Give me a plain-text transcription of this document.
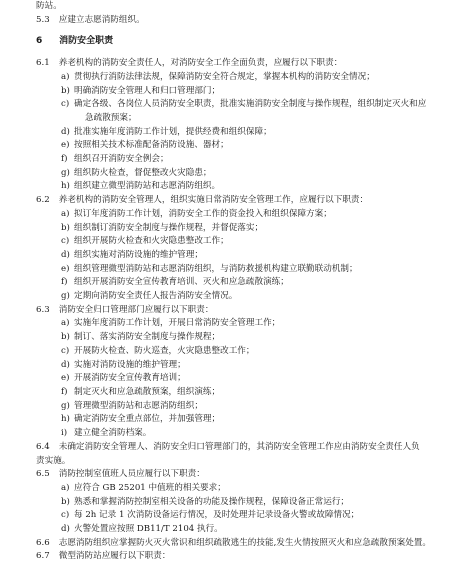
防站。
5.3 应建立志愿消防组织。
6 消防安全职责
6.1 养老机构的消防安全责任人，对消防安全工作全面负责，应履行以下职责：
a) 贯彻执行消防法律法规，保障消防安全符合规定，掌握本机构的消防安全情况；
b) 明确消防安全管理人和归口管理部门；
c) 确定各级、各岗位人员消防安全职责，批准实施消防安全制度与操作规程，组织制定灭火和应
急疏散预案；
d) 批准实施年度消防工作计划，提供经费和组织保障；
e) 按照相关技术标准配备消防设施、器材；
f) 组织召开消防安全例会；
g) 组织防火检查，督促整改火灾隐患；
h) 组织建立微型消防站和志愿消防组织。
6.2 养老机构的消防安全管理人，组织实施日常消防安全管理工作，应履行以下职责：
a) 拟订年度消防工作计划，消防安全工作的资金投入和组织保障方案；
b) 组织制订消防安全制度与操作规程，并督促落实；
c) 组织开展防火检查和火灾隐患整改工作；
d) 组织实施对消防设施的维护管理；
e) 组织管理微型消防站和志愿消防组织，与消防救援机构建立联勤联动机制；
f) 组织开展消防安全宣传教育培训、灭火和应急疏散演练；
g) 定期向消防安全责任人报告消防安全情况。
6.3 消防安全归口管理部门应履行以下职责：
a) 实施年度消防工作计划，开展日常消防安全管理工作；
b) 制订、落实消防安全制度与操作规程；
c) 开展防火检查、防火巡查，火灾隐患整改工作；
d) 实施对消防设施的维护管理；
e) 开展消防安全宣传教育培训；
f) 制定灭火和应急疏散预案，组织演练；
g) 管理微型消防站和志愿消防组织；
h) 确定消防安全重点部位，并加强管理；
i) 建立健全消防档案。
6.4 未确定消防安全管理人、消防安全归口管理部门的，其消防安全管理工作应由消防安全责任人负
责实施。
6.5 消防控制室值班人员应履行以下职责：
a) 应符合 GB 25201 中值班的相关要求；
b) 熟悉和掌握消防控制室相关设备的功能及操作规程，保障设备正常运行；
c) 每 2h 记录 1 次消防设备运行情况，及时处理并记录设备火警或故障情况；
d) 火警处置应按照 DB11/T 2104 执行。
6.6 志愿消防组织应掌握防火灭火常识和组织疏散逃生的技能,发生火情按照灭火和应急疏散预案处置。
6.7 微型消防站应履行以下职责：
